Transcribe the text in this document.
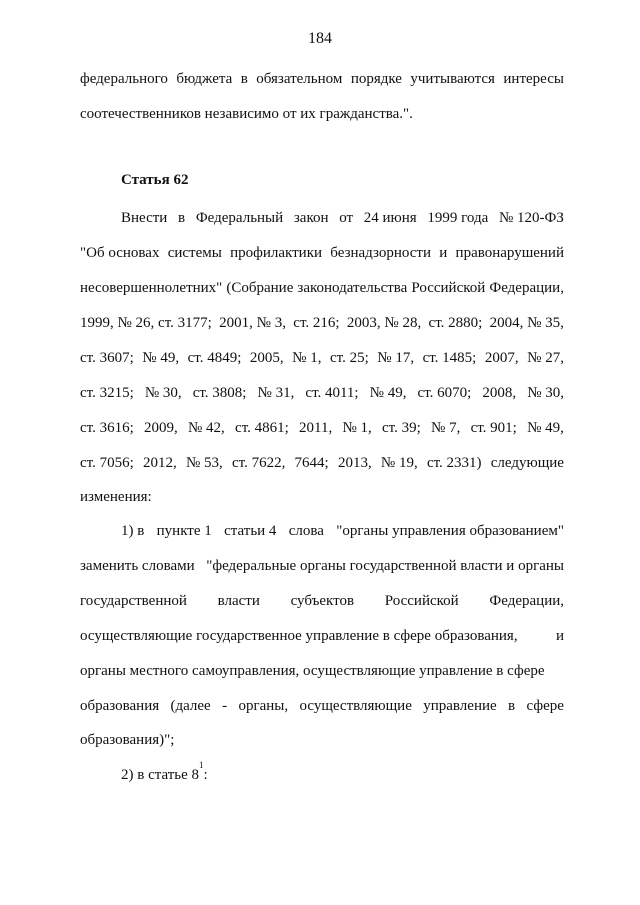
184
федерального бюджета в обязательном порядке учитываются интересы
соотечественников независимо от их гражданства.".
Статья 62
Внести в Федеральный закон от 24 июня 1999 года № 120-ФЗ
"Об основах системы профилактики безнадзорности и правонарушений
несовершеннолетних" (Собрание законодательства Российской Федерации,
1999, № 26, ст. 3177; 2001, № 3, ст. 216; 2003, № 28, ст. 2880; 2004, № 35,
ст. 3607; № 49, ст. 4849; 2005, № 1, ст. 25; № 17, ст. 1485; 2007, № 27,
ст. 3215; № 30, ст. 3808; № 31, ст. 4011; № 49, ст. 6070; 2008, № 30,
ст. 3616; 2009, № 42, ст. 4861; 2011, № 1, ст. 39; № 7, ст. 901; № 49,
ст. 7056; 2012, № 53, ст. 7622, 7644; 2013, № 19, ст. 2331) следующие
изменения:
1) в пункте 1 статьи 4 слова "органы управления образованием"
заменить словами "федеральные органы государственной власти и органы
государственной власти субъектов Российской Федерации,
осуществляющие государственное управление в сфере образования,	и
органы местного самоуправления, осуществляющие управление в сфере
образования (далее - органы, осуществляющие управление в сфере
образования)";
2) в статье 8
1
:
